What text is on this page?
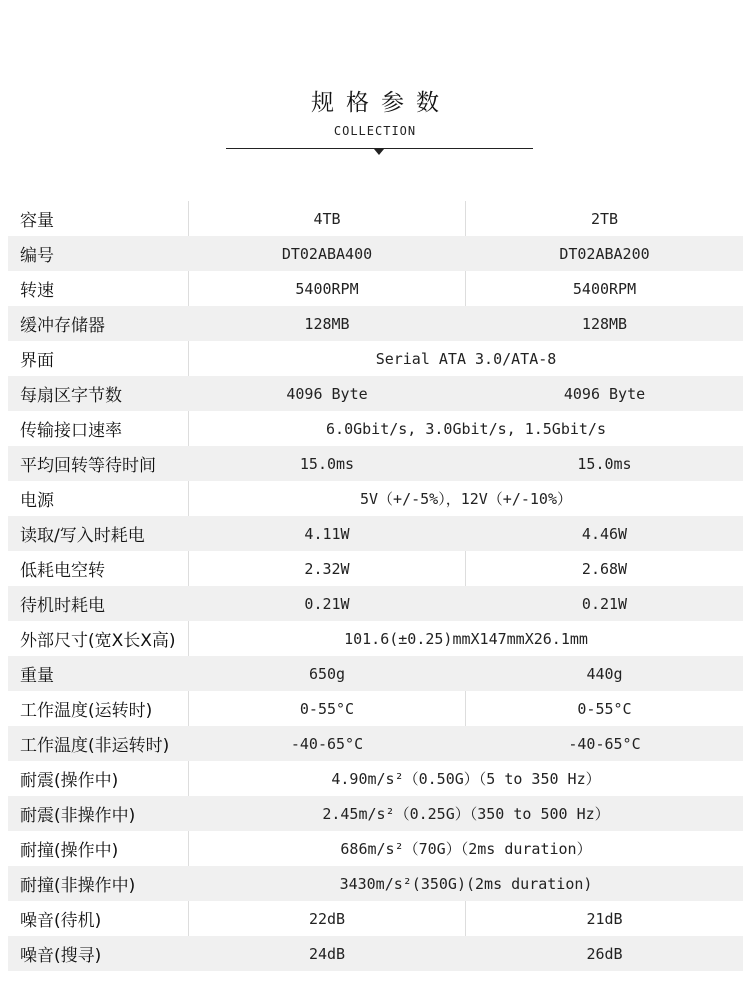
规格参数
COLLECTION
容量	4TB	2TB
编号	DT02ABA400	DT02ABA200
转速	5400RPM	5400RPM
缓冲存储器	128MB	128MB
界面	Serial ATA 3.0/ATA-8
每扇区字节数	4096 Byte	4096 Byte
传输接口速率	6.0Gbit/s, 3.0Gbit/s, 1.5Gbit/s
平均回转等待时间	15.0ms	15.0ms
电源	5V（+/-5%），12V（+/-10%）
读取/写入时耗电	4.11W	4.46W
低耗电空转	2.32W	2.68W
待机时耗电	0.21W	0.21W
外部尺寸(宽X长X高)	101.6(±0.25)mmX147mmX26.1mm
重量	650g	440g
工作温度(运转时)	0-55°C	0-55°C
工作温度(非运转时)	-40-65°C	-40-65°C
耐震(操作中)	4.90m/s²（0.50G）（5 to 350 Hz）
耐震(非操作中)	2.45m/s²（0.25G）（350 to 500 Hz）
耐撞(操作中)	686m/s²（70G）（2ms duration）
耐撞(非操作中)	3430m/s²(350G)(2ms duration)
噪音(待机)	22dB	21dB
噪音(搜寻)	24dB	26dB
